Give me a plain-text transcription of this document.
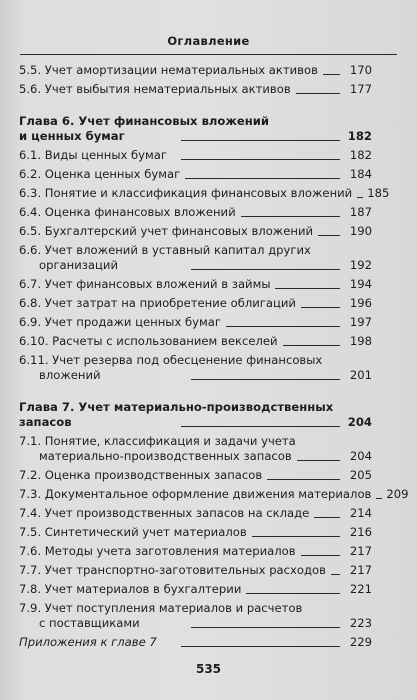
Оглавление
5.5. Учет амортизации нематериальных активов	170
5.6. Учет выбытия нематериальных активов	177
Глава 6. Учет финансовых вложений
и ценных бумаг	182
6.1. Виды ценных бумаг	182
6.2. Оценка ценных бумаг	184
6.3. Понятие и классификация финансовых вложений 185
6.4. Оценка финансовых вложений	187
6.5. Бухгалтерский учет финансовых вложений	190
6.6. Учет вложений в уставный капитал других
организаций	192
6.7. Учет финансовых вложений в займы	194
6.8. Учет затрат на приобретение облигаций	196
6.9. Учет продажи ценных бумаг	197
6.10. Расчеты с использованием векселей	198
6.11. Учет резерва под обесценение финансовых
вложений	201
Глава 7. Учет материально-производственных
запасов	204
7.1. Понятие, классификация и задачи учета
материально-производственных запасов	204
7.2. Оценка производственных запасов	205
7.3. Документальное оформление движения материалов 209
7.4. Учет производственных запасов на складе	214
7.5. Синтетический учет материалов	216
7.6. Методы учета заготовления материалов	217
7.7. Учет транспортно-заготовительных расходов	217
7.8. Учет материалов в бухгалтерии	221
7.9. Учет поступления материалов и расчетов
с поставщиками	223
Приложения к главе 7	229
535
